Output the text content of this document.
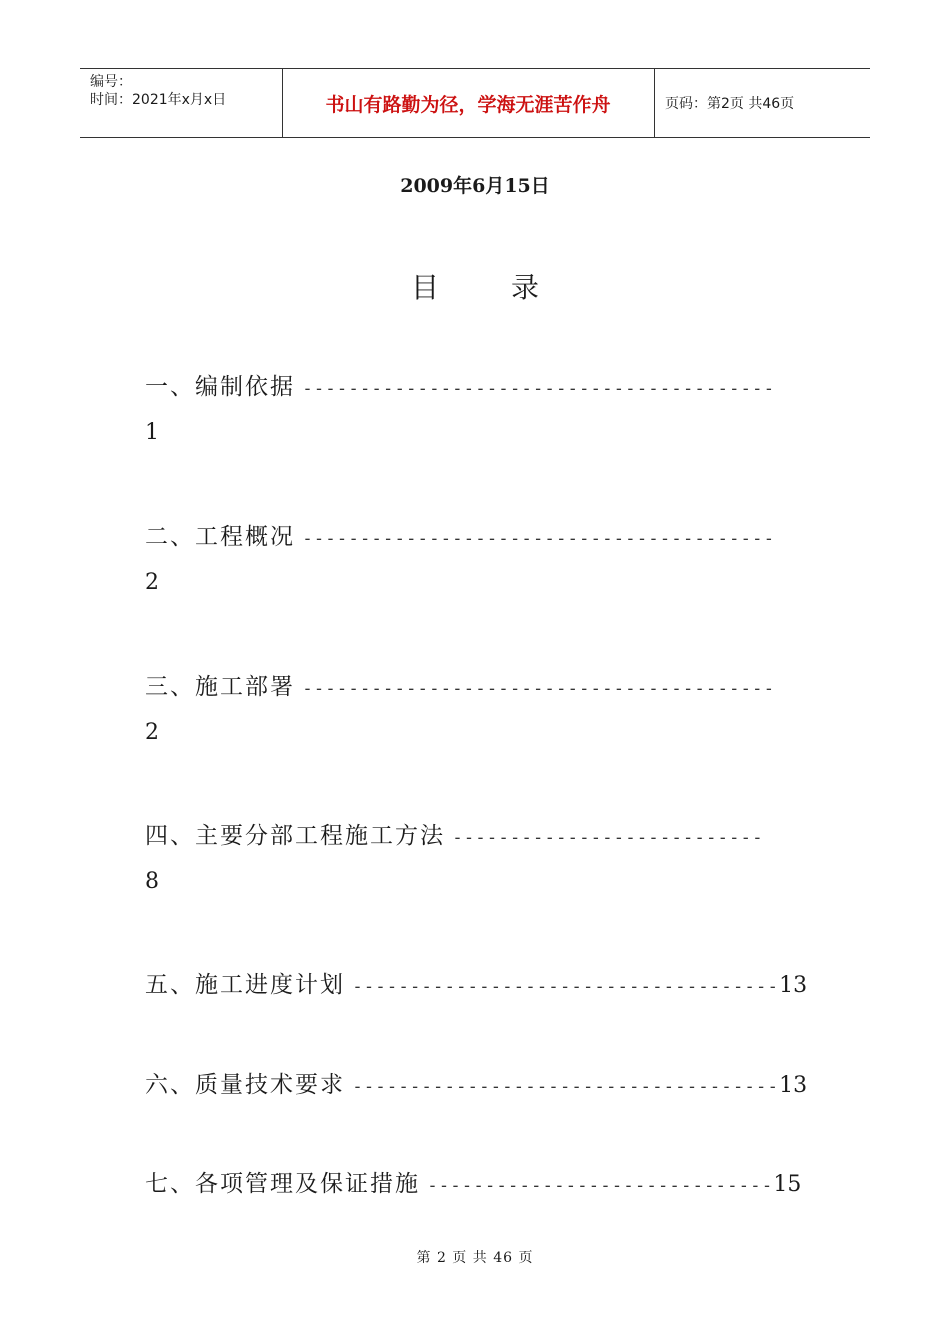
编号：
时间：2021年x月x日	书山有路勤为径，学海无涯苦作舟	页码：第2页 共46页
2009年6月15日
目录
一、编制依据 -----------------------------------------
1
二、工程概况 -----------------------------------------
2
三、施工部署 -----------------------------------------
2
四、主要分部工程施工方法 ---------------------------
8
五、施工进度计划 -------------------------------------13
六、质量技术要求 -------------------------------------13
七、各项管理及保证措施 ------------------------------15
第 2 页 共 46 页
